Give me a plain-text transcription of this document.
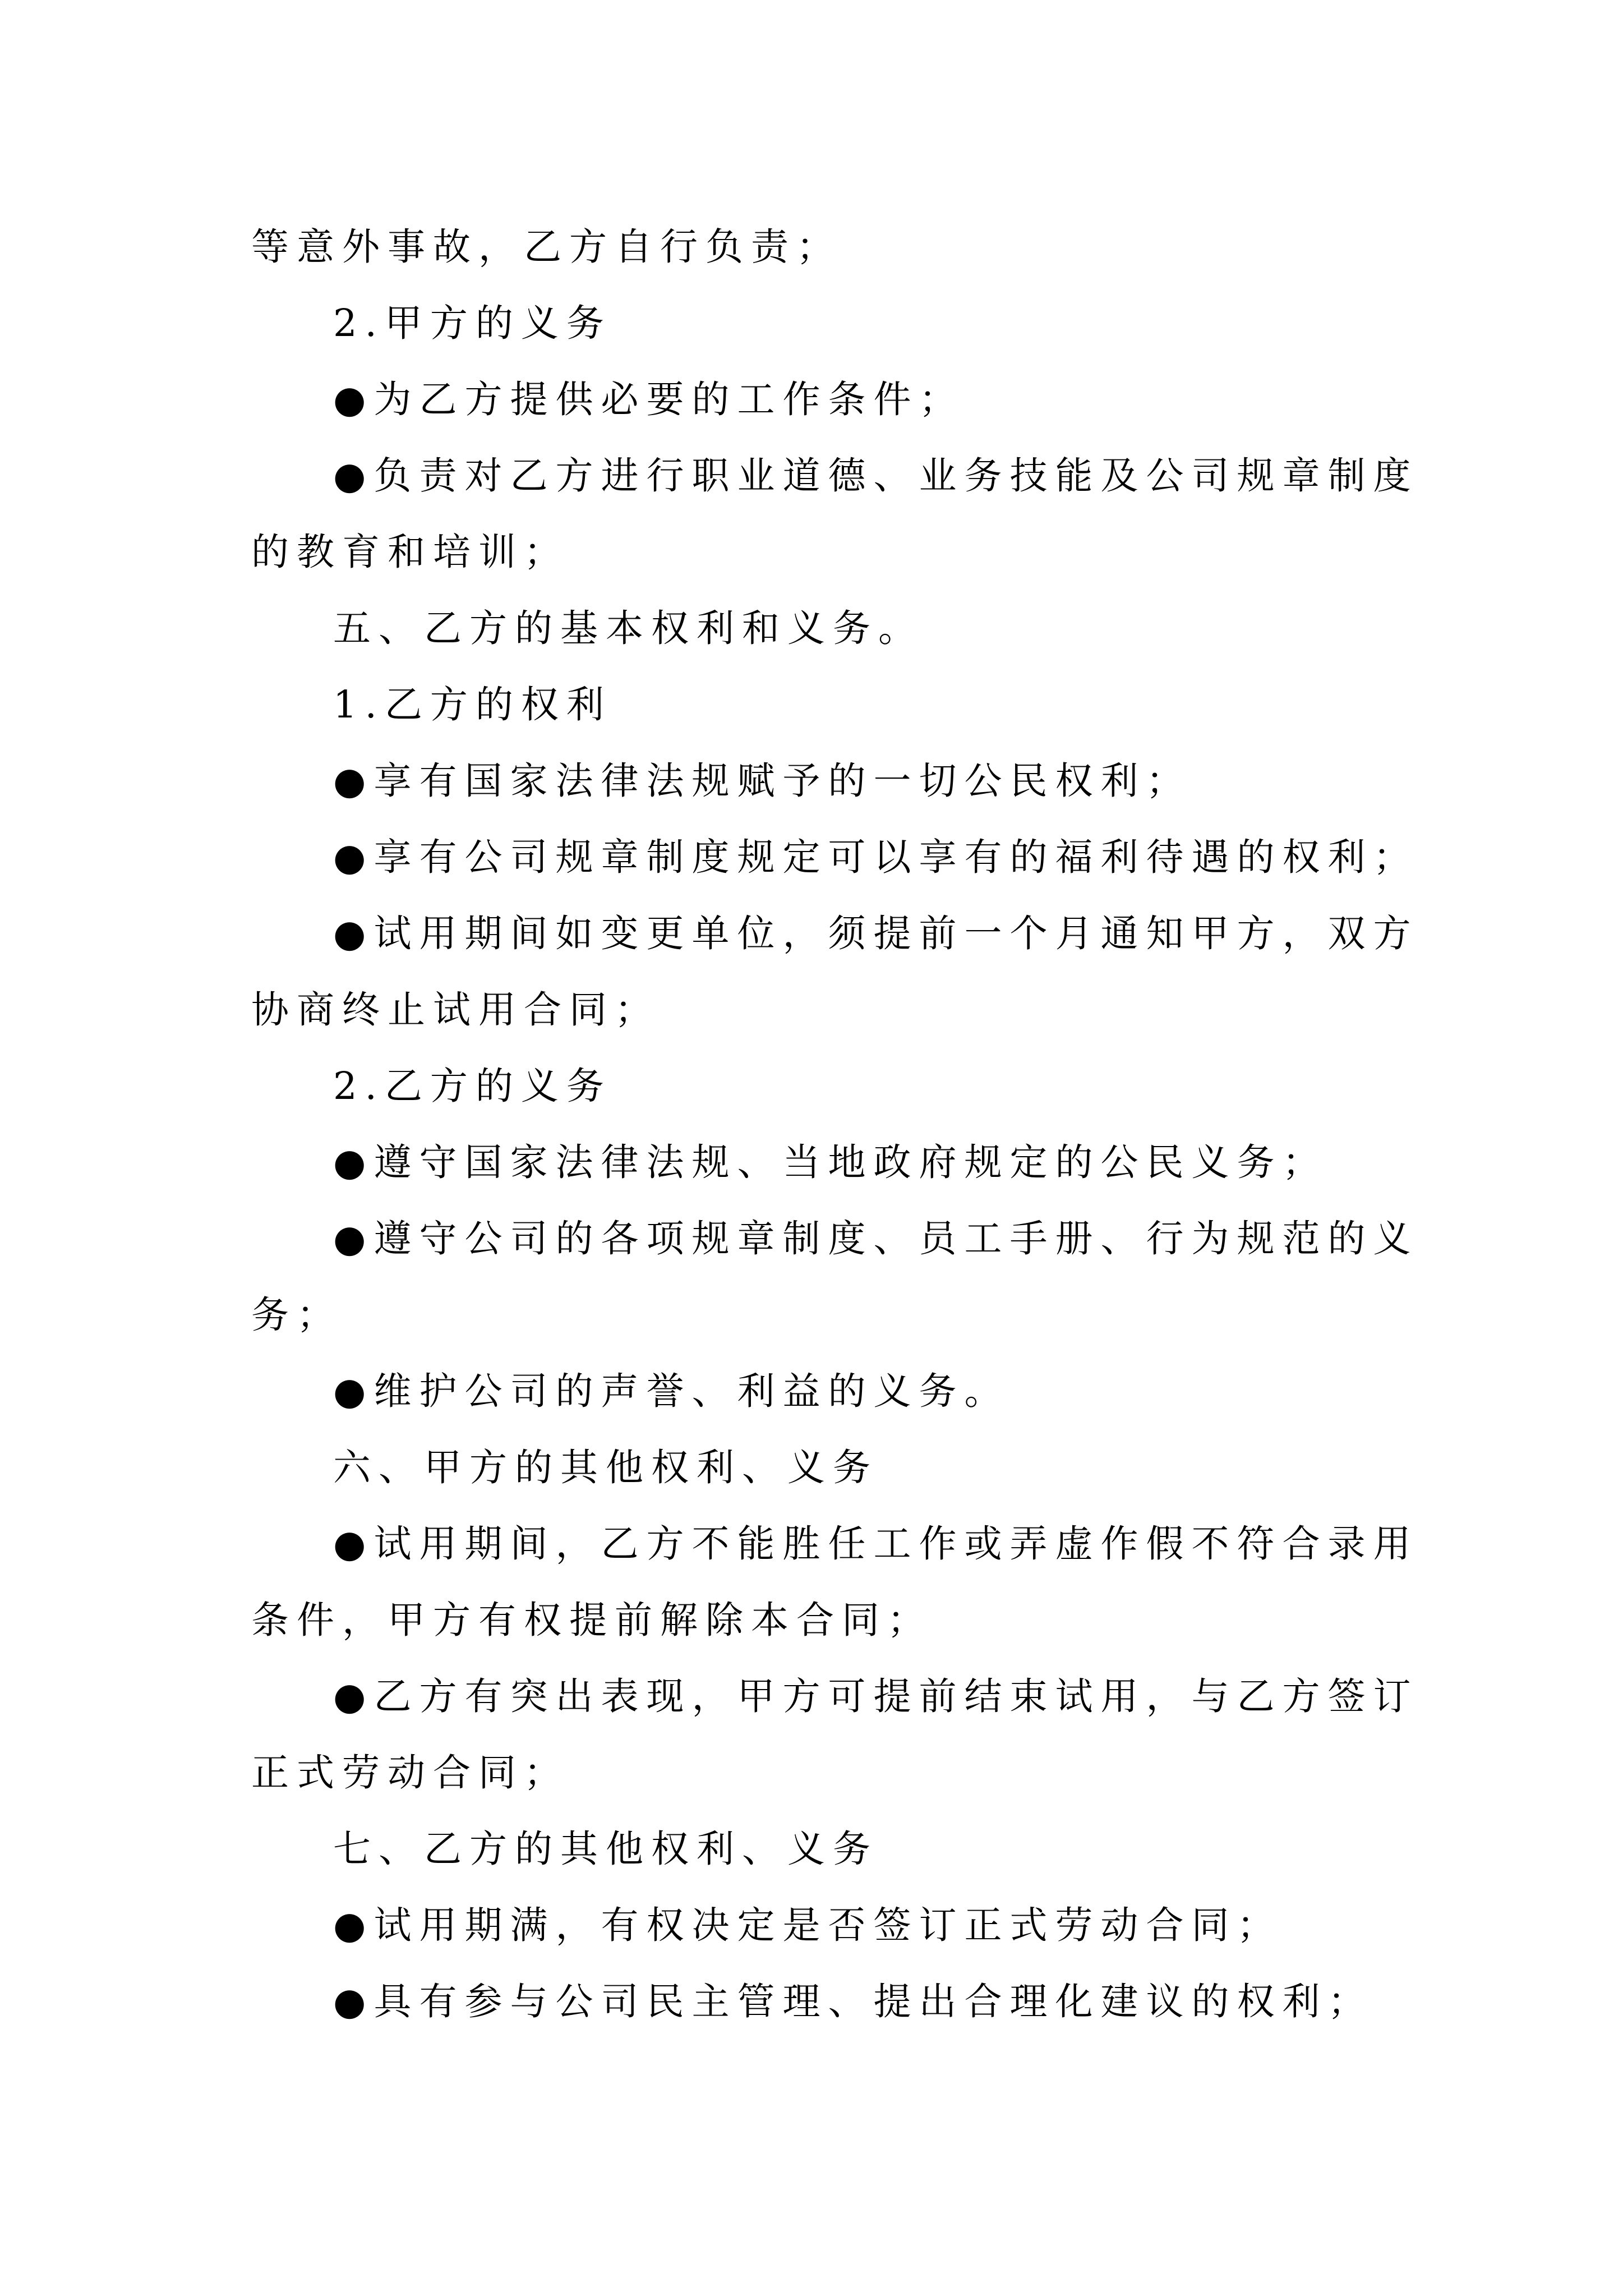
等意外事故，乙方自行负责；
2.甲方的义务
●为乙方提供必要的工作条件；
●负责对乙方进行职业道德、业务技能及公司规章制度
的教育和培训；
五、乙方的基本权利和义务。
1.乙方的权利
●享有国家法律法规赋予的一切公民权利；
●享有公司规章制度规定可以享有的福利待遇的权利；
●试用期间如变更单位，须提前一个月通知甲方，双方
协商终止试用合同；
2.乙方的义务
●遵守国家法律法规、当地政府规定的公民义务；
●遵守公司的各项规章制度、员工手册、行为规范的义
务；
●维护公司的声誉、利益的义务。
六、甲方的其他权利、义务
●试用期间，乙方不能胜任工作或弄虚作假不符合录用
条件，甲方有权提前解除本合同；
●乙方有突出表现，甲方可提前结束试用，与乙方签订
正式劳动合同；
七、乙方的其他权利、义务
●试用期满，有权决定是否签订正式劳动合同；
●具有参与公司民主管理、提出合理化建议的权利；
